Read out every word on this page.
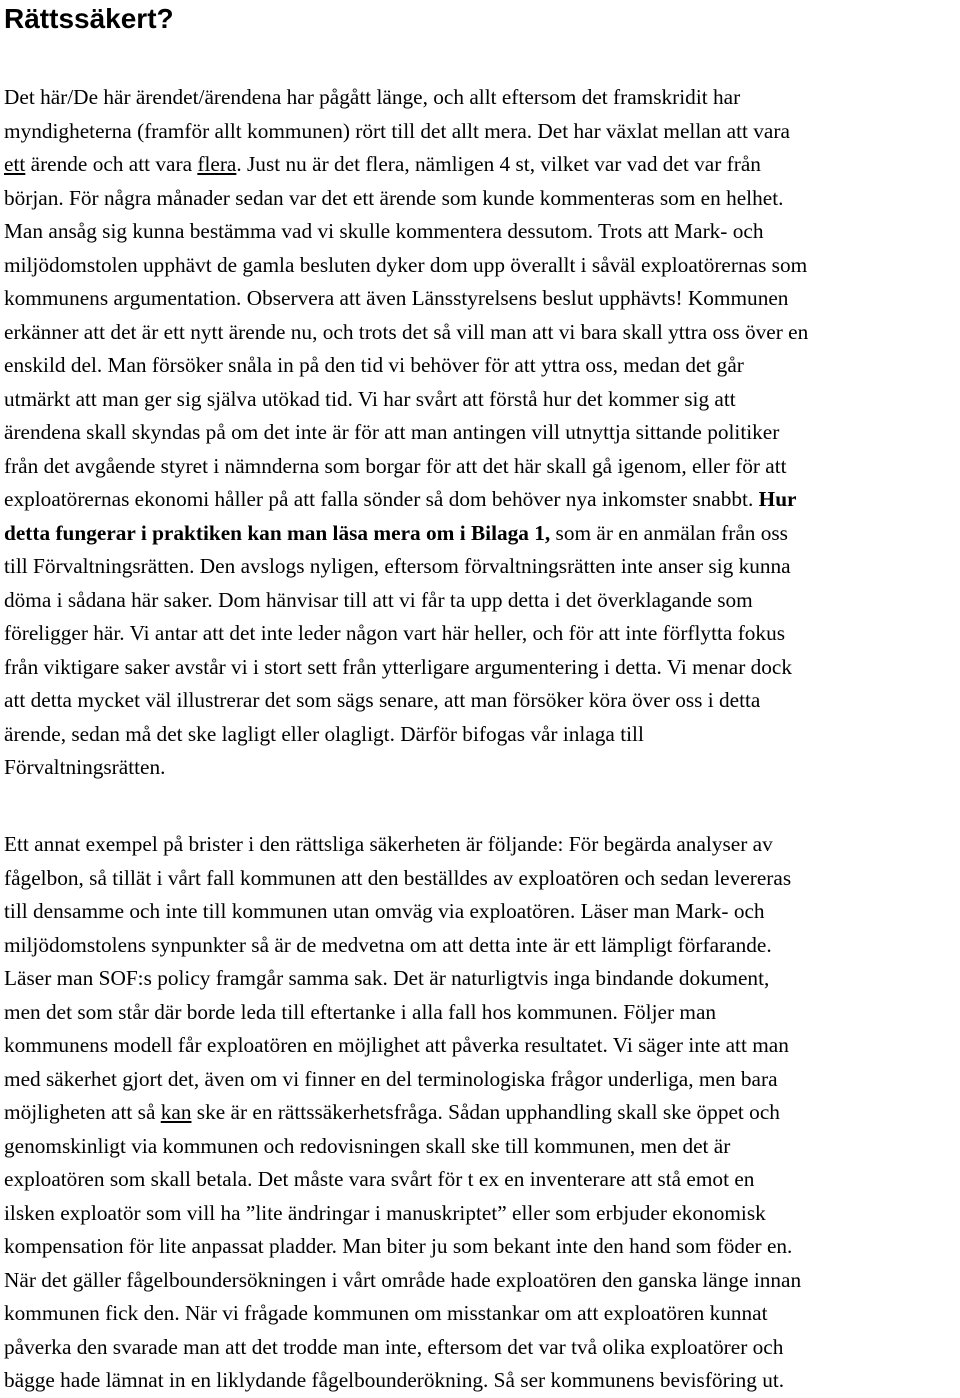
Rättssäkert?
Det här/De här ärendet/ärendena har pågått länge, och allt eftersom det framskridit har
myndigheterna (framför allt kommunen) rört till det allt mera. Det har växlat mellan att vara
ett ärende och att vara flera. Just nu är det flera, nämligen 4 st, vilket var vad det var från
början. För några månader sedan var det ett ärende som kunde kommenteras som en helhet.
Man ansåg sig kunna bestämma vad vi skulle kommentera dessutom. Trots att Mark- och
miljödomstolen upphävt de gamla besluten dyker dom upp överallt i såväl exploatörernas som
kommunens argumentation. Observera att även Länsstyrelsens beslut upphävts! Kommunen
erkänner att det är ett nytt ärende nu, och trots det så vill man att vi bara skall yttra oss över en
enskild del. Man försöker snåla in på den tid vi behöver för att yttra oss, medan det går
utmärkt att man ger sig själva utökad tid. Vi har svårt att förstå hur det kommer sig att
ärendena skall skyndas på om det inte är för att man antingen vill utnyttja sittande politiker
från det avgående styret i nämnderna som borgar för att det här skall gå igenom, eller för att
exploatörernas ekonomi håller på att falla sönder så dom behöver nya inkomster snabbt. Hur
detta fungerar i praktiken kan man läsa mera om i Bilaga 1, som är en anmälan från oss
till Förvaltningsrätten. Den avslogs nyligen, eftersom förvaltningsrätten inte anser sig kunna
döma i sådana här saker. Dom hänvisar till att vi får ta upp detta i det överklagande som
föreligger här. Vi antar att det inte leder någon vart här heller, och för att inte förflytta fokus
från viktigare saker avstår vi i stort sett från ytterligare argumentering i detta. Vi menar dock
att detta mycket väl illustrerar det som sägs senare, att man försöker köra över oss i detta
ärende, sedan må det ske lagligt eller olagligt. Därför bifogas vår inlaga till
Förvaltningsrätten.
Ett annat exempel på brister i den rättsliga säkerheten är följande: För begärda analyser av
fågelbon, så tillät i vårt fall kommunen att den beställdes av exploatören och sedan levereras
till densamme och inte till kommunen utan omväg via exploatören. Läser man Mark- och
miljödomstolens synpunkter så är de medvetna om att detta inte är ett lämpligt förfarande.
Läser man SOF:s policy framgår samma sak. Det är naturligtvis inga bindande dokument,
men det som står där borde leda till eftertanke i alla fall hos kommunen. Följer man
kommunens modell får exploatören en möjlighet att påverka resultatet. Vi säger inte att man
med säkerhet gjort det, även om vi finner en del terminologiska frågor underliga, men bara
möjligheten att så kan ske är en rättssäkerhetsfråga. Sådan upphandling skall ske öppet och
genomskinligt via kommunen och redovisningen skall ske till kommunen, men det är
exploatören som skall betala. Det måste vara svårt för t ex en inventerare att stå emot en
ilsken exploatör som vill ha ”lite ändringar i manuskriptet” eller som erbjuder ekonomisk
kompensation för lite anpassat pladder. Man biter ju som bekant inte den hand som föder en.
När det gäller fågelboundersökningen i vårt område hade exploatören den ganska länge innan
kommunen fick den. När vi frågade kommunen om misstankar om att exploatören kunnat
påverka den svarade man att det trodde man inte, eftersom det var två olika exploatörer och
bägge hade lämnat in en liklydande fågelbounderökning. Så ser kommunens bevisföring ut.
